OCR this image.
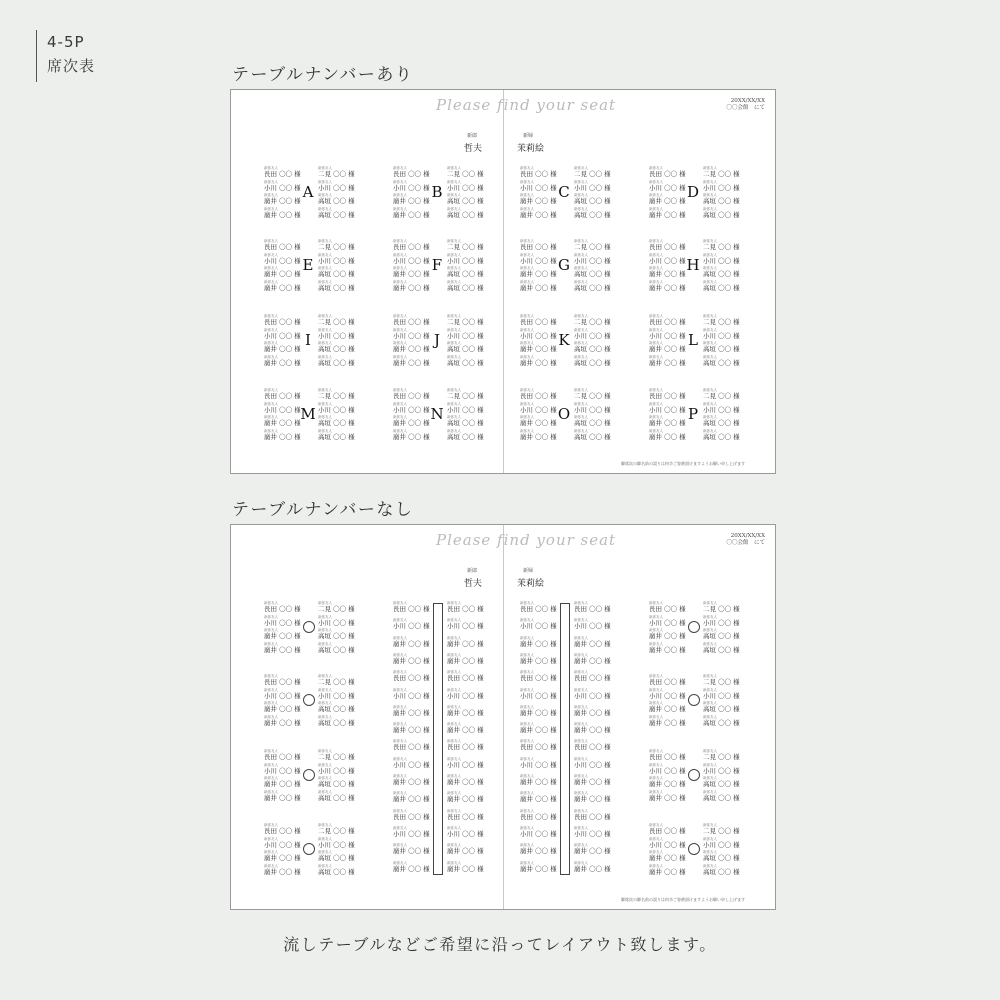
4-5P
席次表	テーブルナンバーあり
Please find your seat	20XX/XX/XX
〇〇会館　にて
新郎
哲夫
新婦
茉莉絵
御席次の御名前の誤りは何卒ご容赦頂けますようお願い申し上げます
新郎友人
長田 〇〇 様
新郎友人
二見 〇〇 様
新郎友人
小川 〇〇 様
新郎友人
小川 〇〇 様
新郎友人
廣井 〇〇 様
新郎友人
高垣 〇〇 様
新郎友人
廣井 〇〇 様
新郎友人
高垣 〇〇 様
A
新郎友人
長田 〇〇 様
新郎友人
二見 〇〇 様
新郎友人
小川 〇〇 様
新郎友人
小川 〇〇 様
新郎友人
廣井 〇〇 様
新郎友人
高垣 〇〇 様
新郎友人
廣井 〇〇 様
新郎友人
高垣 〇〇 様
B
新郎友人
長田 〇〇 様
新郎友人
二見 〇〇 様
新郎友人
小川 〇〇 様
新郎友人
小川 〇〇 様
新郎友人
廣井 〇〇 様
新郎友人
高垣 〇〇 様
新郎友人
廣井 〇〇 様
新郎友人
高垣 〇〇 様
C
新郎友人
長田 〇〇 様
新郎友人
二見 〇〇 様
新郎友人
小川 〇〇 様
新郎友人
小川 〇〇 様
新郎友人
廣井 〇〇 様
新郎友人
高垣 〇〇 様
新郎友人
廣井 〇〇 様
新郎友人
高垣 〇〇 様
D
新郎友人
長田 〇〇 様
新郎友人
二見 〇〇 様
新郎友人
小川 〇〇 様
新郎友人
小川 〇〇 様
新郎友人
廣井 〇〇 様
新郎友人
高垣 〇〇 様
新郎友人
廣井 〇〇 様
新郎友人
高垣 〇〇 様
E
新郎友人
長田 〇〇 様
新郎友人
二見 〇〇 様
新郎友人
小川 〇〇 様
新郎友人
小川 〇〇 様
新郎友人
廣井 〇〇 様
新郎友人
高垣 〇〇 様
新郎友人
廣井 〇〇 様
新郎友人
高垣 〇〇 様
F
新郎友人
長田 〇〇 様
新郎友人
二見 〇〇 様
新郎友人
小川 〇〇 様
新郎友人
小川 〇〇 様
新郎友人
廣井 〇〇 様
新郎友人
高垣 〇〇 様
新郎友人
廣井 〇〇 様
新郎友人
高垣 〇〇 様
G
新郎友人
長田 〇〇 様
新郎友人
二見 〇〇 様
新郎友人
小川 〇〇 様
新郎友人
小川 〇〇 様
新郎友人
廣井 〇〇 様
新郎友人
高垣 〇〇 様
新郎友人
廣井 〇〇 様
新郎友人
高垣 〇〇 様
H
新郎友人
長田 〇〇 様
新郎友人
二見 〇〇 様
新郎友人
小川 〇〇 様
新郎友人
小川 〇〇 様
新郎友人
廣井 〇〇 様
新郎友人
高垣 〇〇 様
新郎友人
廣井 〇〇 様
新郎友人
高垣 〇〇 様
I
新郎友人
長田 〇〇 様
新郎友人
二見 〇〇 様
新郎友人
小川 〇〇 様
新郎友人
小川 〇〇 様
新郎友人
廣井 〇〇 様
新郎友人
高垣 〇〇 様
新郎友人
廣井 〇〇 様
新郎友人
高垣 〇〇 様
J
新郎友人
長田 〇〇 様
新郎友人
二見 〇〇 様
新郎友人
小川 〇〇 様
新郎友人
小川 〇〇 様
新郎友人
廣井 〇〇 様
新郎友人
高垣 〇〇 様
新郎友人
廣井 〇〇 様
新郎友人
高垣 〇〇 様
K
新郎友人
長田 〇〇 様
新郎友人
二見 〇〇 様
新郎友人
小川 〇〇 様
新郎友人
小川 〇〇 様
新郎友人
廣井 〇〇 様
新郎友人
高垣 〇〇 様
新郎友人
廣井 〇〇 様
新郎友人
高垣 〇〇 様
L
新郎友人
長田 〇〇 様
新郎友人
二見 〇〇 様
新郎友人
小川 〇〇 様
新郎友人
小川 〇〇 様
新郎友人
廣井 〇〇 様
新郎友人
高垣 〇〇 様
新郎友人
廣井 〇〇 様
新郎友人
高垣 〇〇 様
M
新郎友人
長田 〇〇 様
新郎友人
二見 〇〇 様
新郎友人
小川 〇〇 様
新郎友人
小川 〇〇 様
新郎友人
廣井 〇〇 様
新郎友人
高垣 〇〇 様
新郎友人
廣井 〇〇 様
新郎友人
高垣 〇〇 様
N
新郎友人
長田 〇〇 様
新郎友人
二見 〇〇 様
新郎友人
小川 〇〇 様
新郎友人
小川 〇〇 様
新郎友人
廣井 〇〇 様
新郎友人
高垣 〇〇 様
新郎友人
廣井 〇〇 様
新郎友人
高垣 〇〇 様
O
新郎友人
長田 〇〇 様
新郎友人
二見 〇〇 様
新郎友人
小川 〇〇 様
新郎友人
小川 〇〇 様
新郎友人
廣井 〇〇 様
新郎友人
高垣 〇〇 様
新郎友人
廣井 〇〇 様
新郎友人
高垣 〇〇 様
P
テーブルナンバーなし
Please find your seat	20XX/XX/XX
〇〇会館　にて
新郎
哲夫
新婦
茉莉絵
御席次の御名前の誤りは何卒ご容赦頂けますようお願い申し上げます
新郎友人
長田 〇〇 様
新郎友人
二見 〇〇 様
新郎友人
小川 〇〇 様
新郎友人
小川 〇〇 様
新郎友人
廣井 〇〇 様
新郎友人
高垣 〇〇 様
新郎友人
廣井 〇〇 様
新郎友人
高垣 〇〇 様
新郎友人
長田 〇〇 様
新郎友人
二見 〇〇 様
新郎友人
小川 〇〇 様
新郎友人
小川 〇〇 様
新郎友人
廣井 〇〇 様
新郎友人
高垣 〇〇 様
新郎友人
廣井 〇〇 様
新郎友人
高垣 〇〇 様
新郎友人
長田 〇〇 様
新郎友人
二見 〇〇 様
新郎友人
小川 〇〇 様
新郎友人
小川 〇〇 様
新郎友人
廣井 〇〇 様
新郎友人
高垣 〇〇 様
新郎友人
廣井 〇〇 様
新郎友人
高垣 〇〇 様
新郎友人
長田 〇〇 様
新郎友人
二見 〇〇 様
新郎友人
小川 〇〇 様
新郎友人
小川 〇〇 様
新郎友人
廣井 〇〇 様
新郎友人
高垣 〇〇 様
新郎友人
廣井 〇〇 様
新郎友人
高垣 〇〇 様
新郎友人
長田 〇〇 様
新郎友人
二見 〇〇 様
新郎友人
小川 〇〇 様
新郎友人
小川 〇〇 様
新郎友人
廣井 〇〇 様
新郎友人
高垣 〇〇 様
新郎友人
廣井 〇〇 様
新郎友人
高垣 〇〇 様
新郎友人
長田 〇〇 様
新郎友人
二見 〇〇 様
新郎友人
小川 〇〇 様
新郎友人
小川 〇〇 様
新郎友人
廣井 〇〇 様
新郎友人
高垣 〇〇 様
新郎友人
廣井 〇〇 様
新郎友人
高垣 〇〇 様
新郎友人
長田 〇〇 様
新郎友人
二見 〇〇 様
新郎友人
小川 〇〇 様
新郎友人
小川 〇〇 様
新郎友人
廣井 〇〇 様
新郎友人
高垣 〇〇 様
新郎友人
廣井 〇〇 様
新郎友人
高垣 〇〇 様
新郎友人
長田 〇〇 様
新郎友人
二見 〇〇 様
新郎友人
小川 〇〇 様
新郎友人
小川 〇〇 様
新郎友人
廣井 〇〇 様
新郎友人
高垣 〇〇 様
新郎友人
廣井 〇〇 様
新郎友人
高垣 〇〇 様
新郎友人
長田 〇〇 様
新郎友人
長田 〇〇 様
新郎友人
小川 〇〇 様
新郎友人
小川 〇〇 様
新郎友人
廣井 〇〇 様
新郎友人
廣井 〇〇 様
新郎友人
廣井 〇〇 様
新郎友人
廣井 〇〇 様
新郎友人
長田 〇〇 様
新郎友人
長田 〇〇 様
新郎友人
小川 〇〇 様
新郎友人
小川 〇〇 様
新郎友人
廣井 〇〇 様
新郎友人
廣井 〇〇 様
新郎友人
廣井 〇〇 様
新郎友人
廣井 〇〇 様
新郎友人
長田 〇〇 様
新郎友人
長田 〇〇 様
新郎友人
小川 〇〇 様
新郎友人
小川 〇〇 様
新郎友人
廣井 〇〇 様
新郎友人
廣井 〇〇 様
新郎友人
廣井 〇〇 様
新郎友人
廣井 〇〇 様
新郎友人
長田 〇〇 様
新郎友人
長田 〇〇 様
新郎友人
小川 〇〇 様
新郎友人
小川 〇〇 様
新郎友人
廣井 〇〇 様
新郎友人
廣井 〇〇 様
新郎友人
廣井 〇〇 様
新郎友人
廣井 〇〇 様
新郎友人
長田 〇〇 様
新郎友人
長田 〇〇 様
新郎友人
小川 〇〇 様
新郎友人
小川 〇〇 様
新郎友人
廣井 〇〇 様
新郎友人
廣井 〇〇 様
新郎友人
廣井 〇〇 様
新郎友人
廣井 〇〇 様
新郎友人
長田 〇〇 様
新郎友人
長田 〇〇 様
新郎友人
小川 〇〇 様
新郎友人
小川 〇〇 様
新郎友人
廣井 〇〇 様
新郎友人
廣井 〇〇 様
新郎友人
廣井 〇〇 様
新郎友人
廣井 〇〇 様
新郎友人
長田 〇〇 様
新郎友人
長田 〇〇 様
新郎友人
小川 〇〇 様
新郎友人
小川 〇〇 様
新郎友人
廣井 〇〇 様
新郎友人
廣井 〇〇 様
新郎友人
廣井 〇〇 様
新郎友人
廣井 〇〇 様
新郎友人
長田 〇〇 様
新郎友人
長田 〇〇 様
新郎友人
小川 〇〇 様
新郎友人
小川 〇〇 様
新郎友人
廣井 〇〇 様
新郎友人
廣井 〇〇 様
新郎友人
廣井 〇〇 様
新郎友人
廣井 〇〇 様
流しテーブルなどご希望に沿ってレイアウト致します。
